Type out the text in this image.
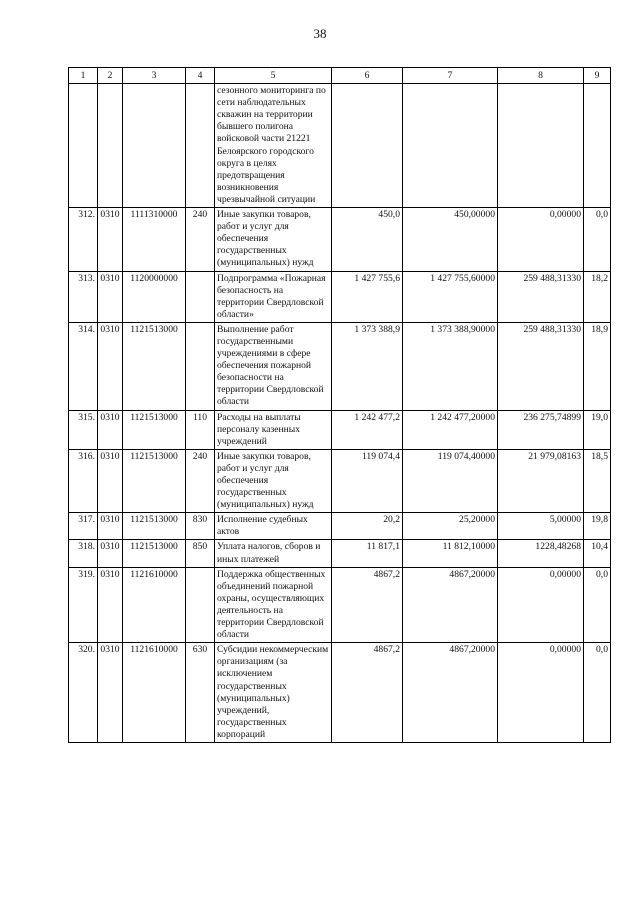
38
1	2	3	4	5	6	7	8	9
				сезонного мониторинга по сети наблюдательных скважин на территории бывшего полигона войсковой части 21221 Белоярского городского округа в целях предотвращения возникновения чрезвычайной ситуации				
312.	0310	1111310000	240	Иные закупки товаров, работ и услуг для обеспечения государственных (муниципальных) нужд	450,0	450,00000	0,00000	0,0
313.	0310	1120000000		Подпрограмма «Пожарная безопасность на территории Свердловской области»	1 427 755,6	1 427 755,60000	259 488,31330	18,2
314.	0310	1121513000		Выполнение работ государственными учреждениями в сфере обеспечения пожарной безопасности на территории Свердловской области	1 373 388,9	1 373 388,90000	259 488,31330	18,9
315.	0310	1121513000	110	Расходы на выплаты персоналу казенных учреждений	1 242 477,2	1 242 477,20000	236 275,74899	19,0
316.	0310	1121513000	240	Иные закупки товаров, работ и услуг для обеспечения государственных (муниципальных) нужд	119 074,4	119 074,40000	21 979,08163	18,5
317.	0310	1121513000	830	Исполнение судебных актов	20,2	25,20000	5,00000	19,8
318.	0310	1121513000	850	Уплата налогов, сборов и иных платежей	11 817,1	11 812,10000	1228,48268	10,4
319.	0310	1121610000		Поддержка общественных объединений пожарной охраны, осуществляющих деятельность на территории Свердловской области	4867,2	4867,20000	0,00000	0,0
320.	0310	1121610000	630	Субсидии некоммерческим организациям (за исключением государственных (муниципальных) учреждений, государственных корпораций	4867,2	4867,20000	0,00000	0,0
